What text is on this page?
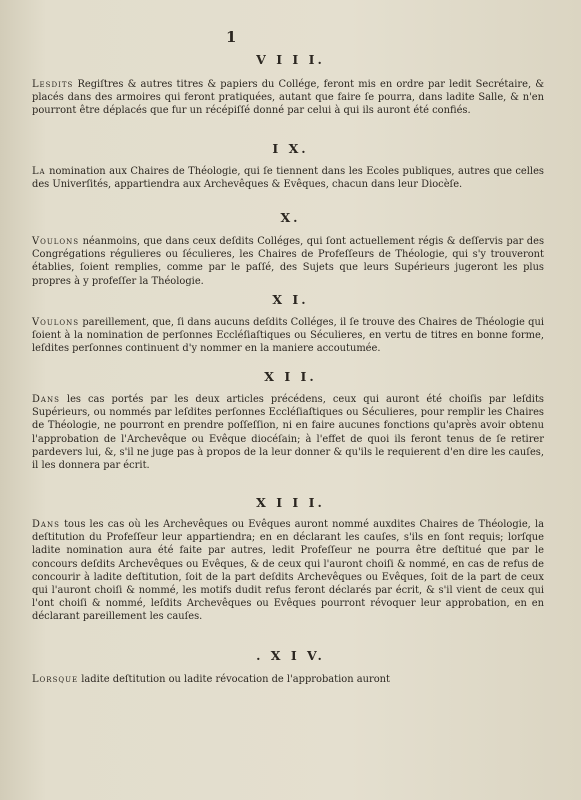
1
V I I I.
Lesdits Regiſtres & autres titres & papiers du Collége, feront mis en ordre par ledit Secrétaire, & placés dans des armoires qui feront pratiquées, autant que faire ſe pourra, dans ladite Salle, & n'en pourront être déplacés que fur un récépiſſé donné par celui à qui ils auront été confiés.
I X.
La nomination aux Chaires de Théologie, qui ſe tiennent dans les Ecoles publiques, autres que celles des Univerſités, appartiendra aux Archevêques & Evêques, chacun dans leur Diocèſe.
X.
Voulons néanmoins, que dans ceux deſdits Colléges, qui ſont actuellement régis & deſſervis par des Congrégations régulieres ou ſéculieres, les Chaires de Profeſſeurs de Théologie, qui s'y trouveront établies, ſoient remplies, comme par le paſſé, des Sujets que leurs Supérieurs jugeront les plus propres à y profeſſer la Théologie.
X I.
Voulons pareillement, que, ſi dans aucuns deſdits Colléges, il ſe trouve des Chaires de Théologie qui ſoient à la nomination de perſonnes Eccléſiaſtiques ou Séculieres, en vertu de titres en bonne forme, leſdites perſonnes continuent d'y nommer en la maniere accoutumée.
X I I.
Dans les cas portés par les deux articles précédens, ceux qui auront été choiſis par leſdits Supérieurs, ou nommés par leſdites perſonnes Eccléſiaſtiques ou Séculieres, pour remplir les Chaires de Théologie, ne pourront en prendre poſſeſſion, ni en faire aucunes fonctions qu'après avoir obtenu l'approbation de l'Archevêque ou Evêque diocéſain; à l'effet de quoi ils feront tenus de ſe retirer pardevers lui, &, s'il ne juge pas à propos de la leur donner & qu'ils le requierent d'en dire les cauſes, il les donnera par écrit.
X I I I.
Dans tous les cas où les Archevêques ou Evêques auront nommé auxdites Chaires de Théologie, la deſtitution du Profeſſeur leur appartiendra; en en déclarant les cauſes, s'ils en ſont requis; lorſque ladite nomination aura été faite par autres, ledit Profeſſeur ne pourra être deſtitué que par le concours deſdits Archevêques ou Evêques, & de ceux qui l'auront choiſi & nommé, en cas de refus de concourir à ladite deſtitution, ſoit de la part deſdits Archevêques ou Evêques, ſoit de la part de ceux qui l'auront choiſi & nommé, les motifs dudit refus feront déclarés par écrit, & s'il vient de ceux qui l'ont choiſi & nommé, leſdits Archevêques ou Evêques pourront révoquer leur approbation, en en déclarant pareillement les cauſes.
. X I V.
Lorsque ladite deſtitution ou ladite révocation de l'approbation auront
